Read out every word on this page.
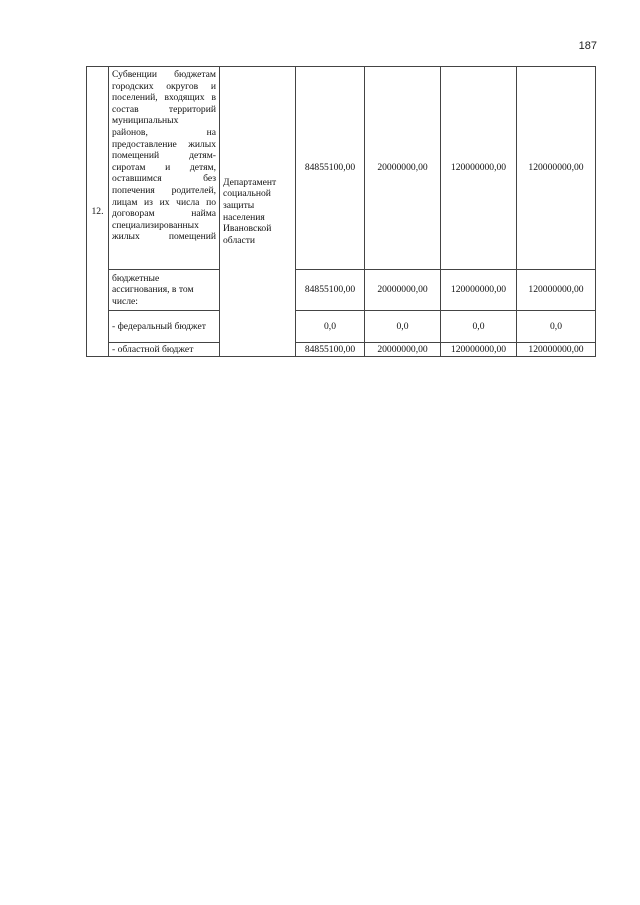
187
12.	Субвенции бюджетам городских округов и поселений, входящих в состав территорий муниципальных районов, на предоставление жилых помещений детям-сиротам и детям, оставшимся без попечения родителей, лицам из их числа по договорам найма специализированных жилых помещений	Департамент социальной защиты населения Ивановской области	84855100,00	20000000,00	120000000,00	120000000,00
	бюджетные ассигнования, в том числе:		84855100,00	20000000,00	120000000,00	120000000,00
	- федеральный бюджет		0,0	0,0	0,0	0,0
	- областной бюджет		84855100,00	20000000,00	120000000,00	120000000,00
